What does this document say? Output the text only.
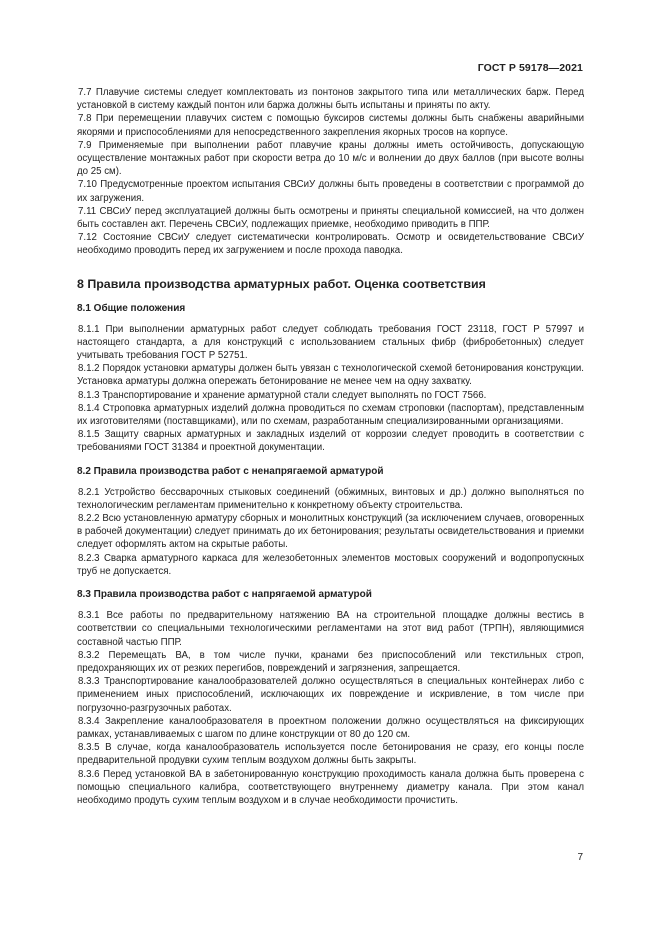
ГОСТ Р 59178—2021

7.7 Плавучие системы следует комплектовать из понтонов закрытого типа или металлических барж. Перед установкой в систему каждый понтон или баржа должны быть испытаны и приняты по акту.

7.8 При перемещении плавучих систем с помощью буксиров системы должны быть снабжены аварийными якорями и приспособлениями для непосредственного закрепления якорных тросов на корпусе.

7.9 Применяемые при выполнении работ плавучие краны должны иметь остойчивость, допускающую осуществление монтажных работ при скорости ветра до 10 м/с и волнении до двух баллов (при высоте волны до 25 см).

7.10 Предусмотренные проектом испытания СВСиУ должны быть проведены в соответствии с программой до их загружения.

7.11 СВСиУ перед эксплуатацией должны быть осмотрены и приняты специальной комиссией, на что должен быть составлен акт. Перечень СВСиУ, подлежащих приемке, необходимо приводить в ППР.

7.12 Состояние СВСиУ следует систематически контролировать. Осмотр и освидетельствование СВСиУ необходимо проводить перед их загружением и после прохода паводка.

8 Правила производства арматурных работ. Оценка соответствия
8.1 Общие положения

8.1.1 При выполнении арматурных работ следует соблюдать требования ГОСТ 23118, ГОСТ Р 57997 и настоящего стандарта, а для конструкций с использованием стальных фибр (фибробетонных) следует учитывать требования ГОСТ Р 52751.

8.1.2 Порядок установки арматуры должен быть увязан с технологической схемой бетонирования конструкции. Установка арматуры должна опережать бетонирование не менее чем на одну захватку.

8.1.3 Транспортирование и хранение арматурной стали следует выполнять по ГОСТ 7566.

8.1.4 Строповка арматурных изделий должна проводиться по схемам строповки (паспортам), представленным их изготовителями (поставщиками), или по схемам, разработанным специализированными организациями.

8.1.5 Защиту сварных арматурных и закладных изделий от коррозии следует проводить в соответствии с требованиями ГОСТ 31384 и проектной документации.

8.2 Правила производства работ с ненапрягаемой арматурой

8.2.1 Устройство бессварочных стыковых соединений (обжимных, винтовых и др.) должно выполняться по технологическим регламентам применительно к конкретному объекту строительства.

8.2.2 Всю установленную арматуру сборных и монолитных конструкций (за исключением случаев, оговоренных в рабочей документации) следует принимать до их бетонирования; результаты освидетельствования и приемки следует оформлять актом на скрытые работы.

8.2.3 Сварка арматурного каркаса для железобетонных элементов мостовых сооружений и водопропускных труб не допускается.

8.3 Правила производства работ с напрягаемой арматурой

8.3.1 Все работы по предварительному натяжению ВА на строительной площадке должны вестись в соответствии со специальными технологическими регламентами на этот вид работ (ТРПН), являющимися составной частью ППР.

8.3.2 Перемещать ВА, в том числе пучки, кранами без приспособлений или текстильных строп, предохраняющих их от резких перегибов, повреждений и загрязнения, запрещается.

8.3.3 Транспортирование каналообразователей должно осуществляться в специальных контейнерах либо с применением иных приспособлений, исключающих их повреждение и искривление, в том числе при погрузочно-разгрузочных работах.

8.3.4 Закрепление каналообразователя в проектном положении должно осуществляться на фиксирующих рамках, устанавливаемых с шагом по длине конструкции от 80 до 120 см.

8.3.5 В случае, когда каналообразователь используется после бетонирования не сразу, его концы после предварительной продувки сухим теплым воздухом должны быть закрыты.

8.3.6 Перед установкой ВА в забетонированную конструкцию проходимость канала должна быть проверена с помощью специального калибра, соответствующего внутреннему диаметру канала. При этом канал необходимо продуть сухим теплым воздухом и в случае необходимости прочистить.

7
